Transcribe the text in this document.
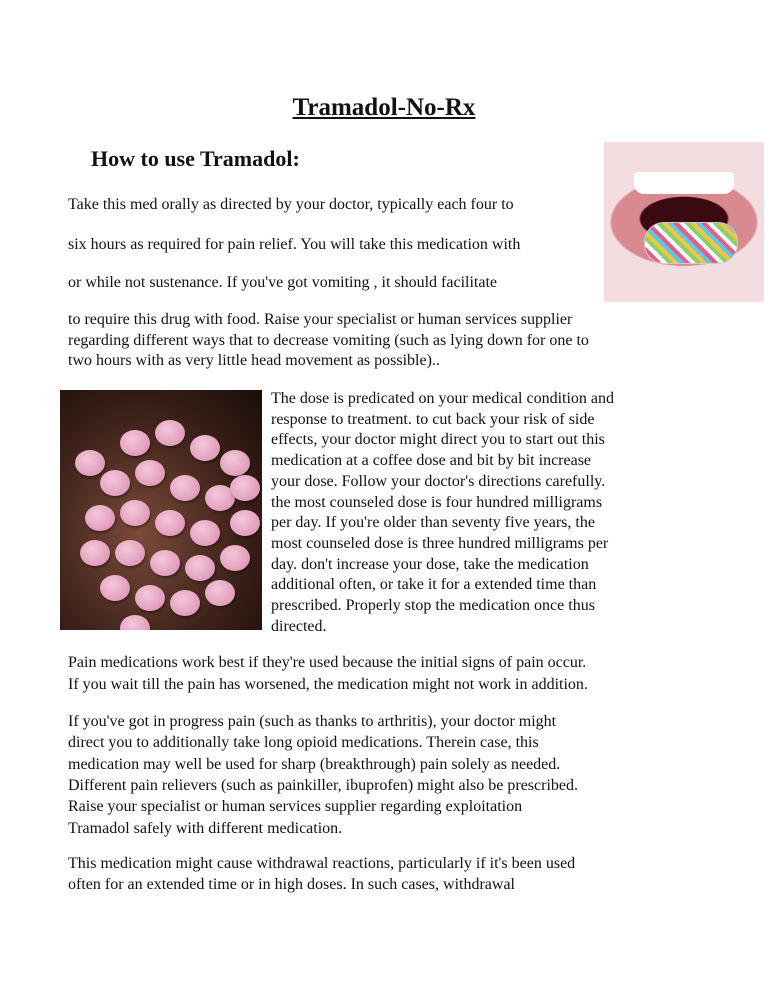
Tramadol-No-Rx
How to use Tramadol:
Take this med orally as directed by your doctor, typically each four to
six hours as required for pain relief. You will take this medication with
or while not sustenance. If you've got vomiting , it should facilitate
to require this drug with food. Raise your specialist or human services supplier
regarding different ways that to decrease vomiting (such as lying down for one to
two hours with as very little head movement as possible)..
The dose is predicated on your medical condition and
response to treatment. to cut back your risk of side
effects, your doctor might direct you to start out this
medication at a coffee dose and bit by bit increase
your dose. Follow your doctor's directions carefully.
the most counseled dose is four hundred milligrams
per day. If you're older than seventy five years, the
most counseled dose is three hundred milligrams per
day. don't increase your dose, take the medication
additional often, or take it for a extended time than
prescribed. Properly stop the medication once thus
directed.
Pain medications work best if they're used because the initial signs of pain occur.
If you wait till the pain has worsened, the medication might not work in addition.
If you've got in progress pain (such as thanks to arthritis), your doctor might
direct you to additionally take long opioid medications. Therein case, this
medication may well be used for sharp (breakthrough) pain solely as needed.
Different pain relievers (such as painkiller, ibuprofen) might also be prescribed.
Raise your specialist or human services supplier regarding exploitation
Tramadol safely with different medication.
This medication might cause withdrawal reactions, particularly if it's been used
often for an extended time or in high doses. In such cases, withdrawal
